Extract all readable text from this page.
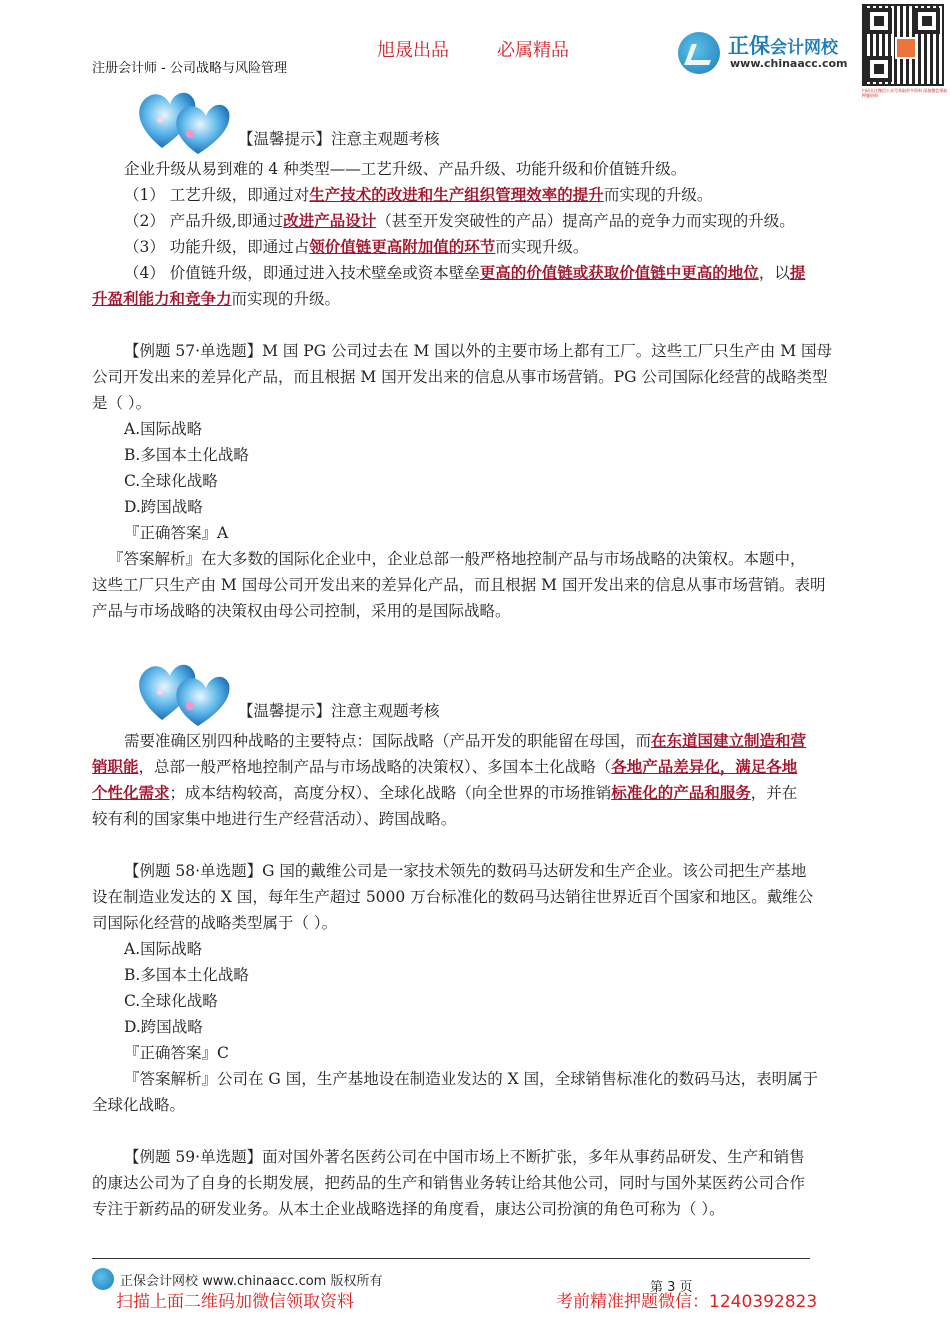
旭晟出品	必属精品
注册会计师 - 公司战略与风险管理
正保会计网校
www.chinaacc.com
扫码关注微信公众号获取更多资料 添加微信领取押题资料
【温馨提示】注意主观题考核
企业升级从易到难的 4 种类型——工艺升级、产品升级、功能升级和价值链升级。
（1） 工艺升级，即通过对生产技术的改进和生产组织管理效率的提升而实现的升级。
（2） 产品升级,即通过改进产品设计（甚至开发突破性的产品）提高产品的竞争力而实现的升级。
（3） 功能升级，即通过占领价值链更高附加值的环节而实现升级。
（4） 价值链升级，即通过进入技术壁垒或资本壁垒更高的价值链或获取价值链中更高的地位，以提
升盈利能力和竞争力而实现的升级。
【例题 57·单选题】M 国 PG 公司过去在 M 国以外的主要市场上都有工厂。这些工厂只生产由 M 国母
公司开发出来的差异化产品，而且根据 M 国开发出来的信息从事市场营销。PG 公司国际化经营的战略类型
是（ ）。
A.国际战略
B.多国本土化战略
C.全球化战略
D.跨国战略
『正确答案』A
『答案解析』在大多数的国际化企业中，企业总部一般严格地控制产品与市场战略的决策权。本题中，
这些工厂只生产由 M 国母公司开发出来的差异化产品，而且根据 M 国开发出来的信息从事市场营销。表明
产品与市场战略的决策权由母公司控制，采用的是国际战略。
【温馨提示】注意主观题考核
需要准确区别四种战略的主要特点：国际战略（产品开发的职能留在母国，而在东道国建立制造和营
销职能，总部一般严格地控制产品与市场战略的决策权）、多国本土化战略（各地产品差异化，满足各地
个性化需求；成本结构较高，高度分权）、全球化战略（向全世界的市场推销标准化的产品和服务，并在
较有利的国家集中地进行生产经营活动）、跨国战略。
【例题 58·单选题】G 国的戴维公司是一家技术领先的数码马达研发和生产企业。该公司把生产基地
设在制造业发达的 X 国，每年生产超过 5000 万台标准化的数码马达销往世界近百个国家和地区。戴维公
司国际化经营的战略类型属于（ ）。
A.国际战略
B.多国本土化战略
C.全球化战略
D.跨国战略
『正确答案』C
『答案解析』公司在 G 国，生产基地设在制造业发达的 X 国，全球销售标准化的数码马达，表明属于
全球化战略。
【例题 59·单选题】面对国外著名医药公司在中国市场上不断扩张，多年从事药品研发、生产和销售
的康达公司为了自身的长期发展，把药品的生产和销售业务转让给其他公司，同时与国外某医药公司合作
专注于新药品的研发业务。从本土企业战略选择的角度看，康达公司扮演的角色可称为（ ）。
正保会计网校 www.chinaacc.com 版权所有	第 3 页
扫描上面二维码加微信领取资料	考前精准押题微信：1240392823
